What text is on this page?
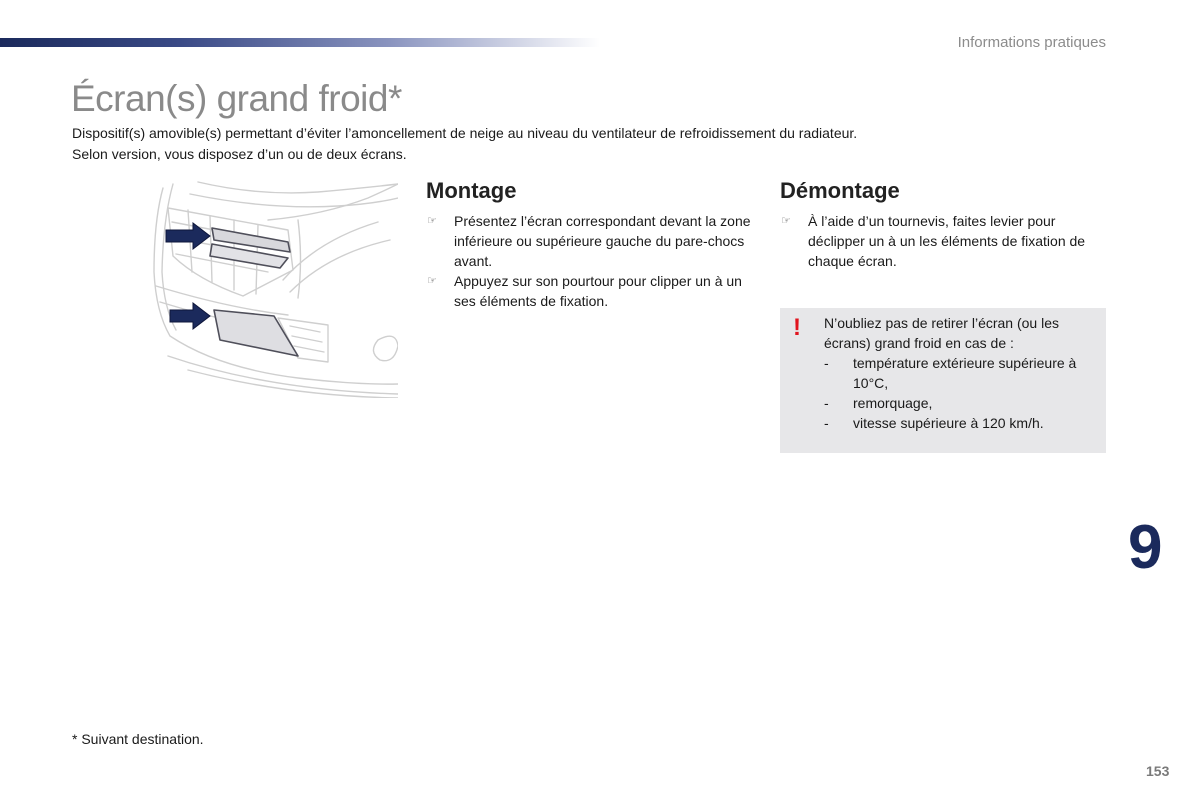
Informations pratiques
Écran(s) grand froid*

Dispositif(s) amovible(s) permettant d’éviter l’amoncellement de neige au niveau du ventilateur de refroidissement du radiateur.

Selon version, vous disposez d’un ou de deux écrans.

Montage
☞ Présentez l’écran correspondant devant la zone inférieure ou supérieure gauche du pare-chocs avant.
☞ Appuyez sur son pourtour pour clipper un à un ses éléments de fixation.
Démontage
☞ À l’aide d’un tournevis, faites levier pour déclipper un à un les éléments de fixation de chaque écran.
! N’oubliez pas de retirer l’écran (ou les écrans) grand froid en cas de :

- température extérieure supérieure à 10°C,
- remorquage,
- vitesse supérieure à 120 km/h.
9
* Suivant destination.
153
